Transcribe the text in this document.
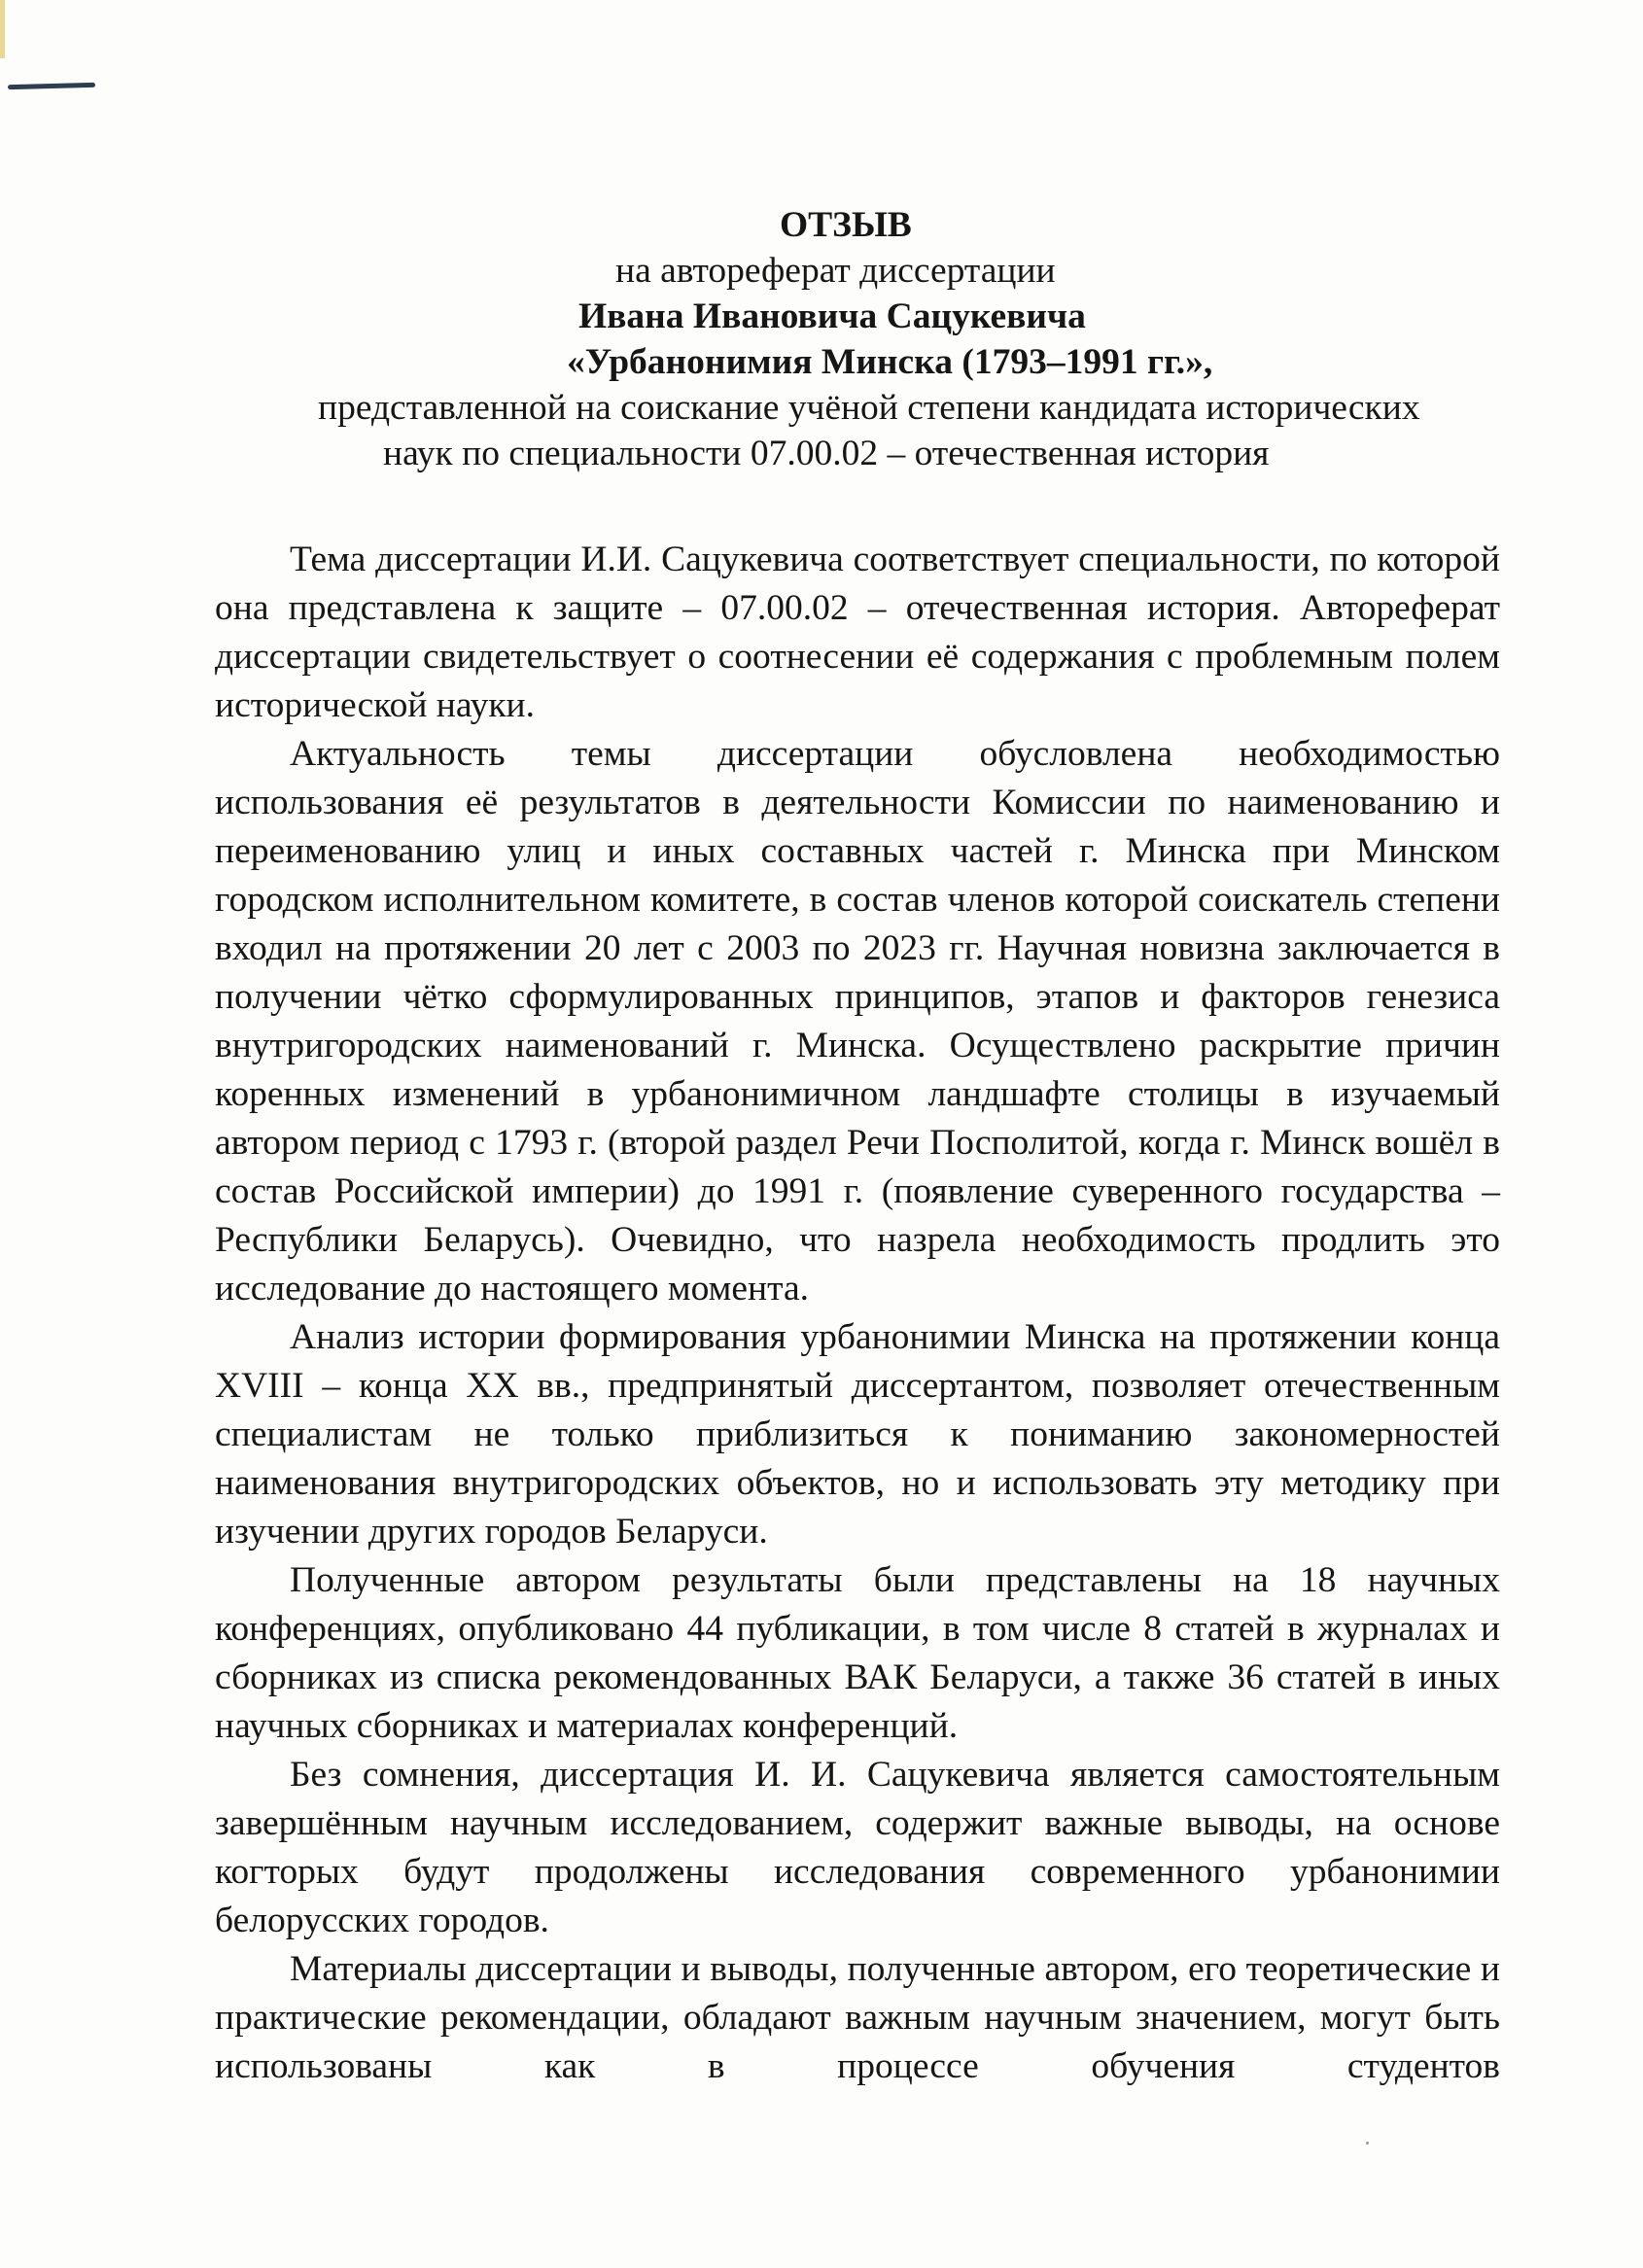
ОТЗЫВ
на автореферат диссертации
Ивана Ивановича Сацукевича
«Урбанонимия Минска (1793–1991 гг.»,
представленной на соискание учёной степени кандидата исторических
наук по специальности 07.00.02 – отечественная история

Тема диссертации И.И. Сацукевича соответствует специальности, по которой она представлена к защите – 07.00.02 – отечественная история. Автореферат диссертации свидетельствует о соотнесении её содержания с проблемным полем исторической науки.

Актуальность темы диссертации обусловлена необходимостью использования её результатов в деятельности Комиссии по наименованию и переименованию улиц и иных составных частей г. Минска при Минском городском исполнительном комитете, в состав членов которой соискатель степени входил на протяжении 20 лет с 2003 по 2023 гг. Научная новизна заключается в получении чётко сформулированных принципов, этапов и факторов генезиса внутригородских наименований г. Минска. Осуществлено раскрытие причин коренных изменений в урбанонимичном ландшафте столицы в изучаемый автором период с 1793 г. (второй раздел Речи Посполитой, когда г. Минск вошёл в состав Российской империи) до 1991 г. (появление суверенного государства – Республики Беларусь). Очевидно, что назрела необходимость продлить это исследование до настоящего момента.

Анализ истории формирования урбанонимии Минска на протяжении конца XVIII – конца XX вв., предпринятый диссертантом, позволяет отечественным специалистам не только приблизиться к пониманию закономерностей наименования внутригородских объектов, но и использовать эту методику при изучении других городов Беларуси.

Полученные автором результаты были представлены на 18 научных конференциях, опубликовано 44 публикации, в том числе 8 статей в журналах и сборниках из списка рекомендованных ВАК Беларуси, а также 36 статей в иных научных сборниках и материалах конференций.

Без сомнения, диссертация И. И. Сацукевича является самостоятельным завершённым научным исследованием, содержит важные выводы, на основе когторых будут продолжены исследования современного урбанонимии белорусских городов.

Материалы диссертации и выводы, полученные автором, его теоретические и практические рекомендации, обладают важным научным значением, могут быть использованы как в процессе обучения студентов
